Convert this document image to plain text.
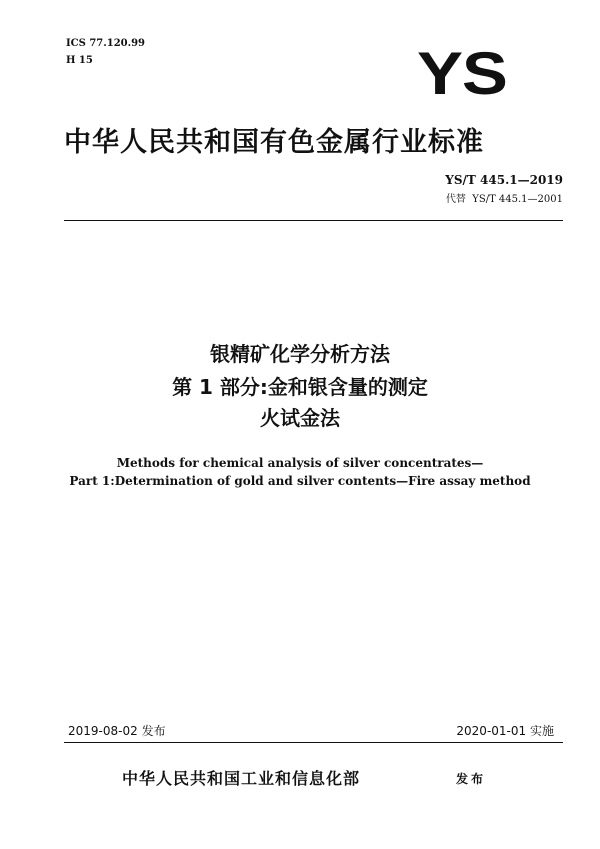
ICS 77.120.99
H 15	YS
中华人民共和国有色金属行业标准
YS/T 445.1—2019
代替 YS/T 445.1—2001
银精矿化学分析方法
第 1 部分:金和银含量的测定
火试金法
Methods for chemical analysis of silver concentrates—
Part 1:Determination of gold and silver contents—Fire assay method
2019-08-02 发布	2020-01-01 实施
中华人民共和国工业和信息化部	发布
